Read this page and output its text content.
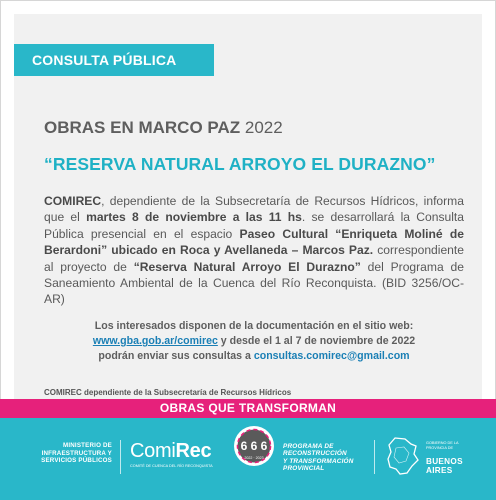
CONSULTA PÚBLICA
OBRAS EN MARCO PAZ 2022
“RESERVA NATURAL ARROYO EL DURAZNO”
COMIREC, dependiente de la Subsecretaría de Recursos Hídricos, informa que el martes 8 de noviembre a las 11 hs. se desarrollará la Consulta Pública presencial en el espacio Paseo Cultural “Enriqueta Moliné de Berardoni” ubicado en Roca y Avellaneda – Marcos Paz. correspondiente al proyecto de “Reserva Natural Arroyo El Durazno” del Programa de Saneamiento Ambiental de la Cuenca del Río Reconquista. (BID 3256/OC-AR)
Los interesados disponen de la documentación en el sitio web:
www.gba.gob.ar/comirec y desde el 1 al 7 de noviembre de 2022
podrán enviar sus consultas a consultas.comirec@gmail.com
COMIREC dependiente de la Subsecretaría de Recursos Hídricos
OBRAS QUE TRANSFORMAN
MINISTERIO DE
INFRAESTRUCTURA Y
SERVICIOS PÚBLICOS ComiRec
COMITÉ DE CUENCA DEL RÍO RECONQUISTA
6
6 6
2022 · 2023
PROGRAMA DE
RECONSTRUCCIÓN
Y TRANSFORMACIÓN
PROVINCIAL
GOBIERNO DE LA
PROVINCIA DE
BUENOS
AIRES
